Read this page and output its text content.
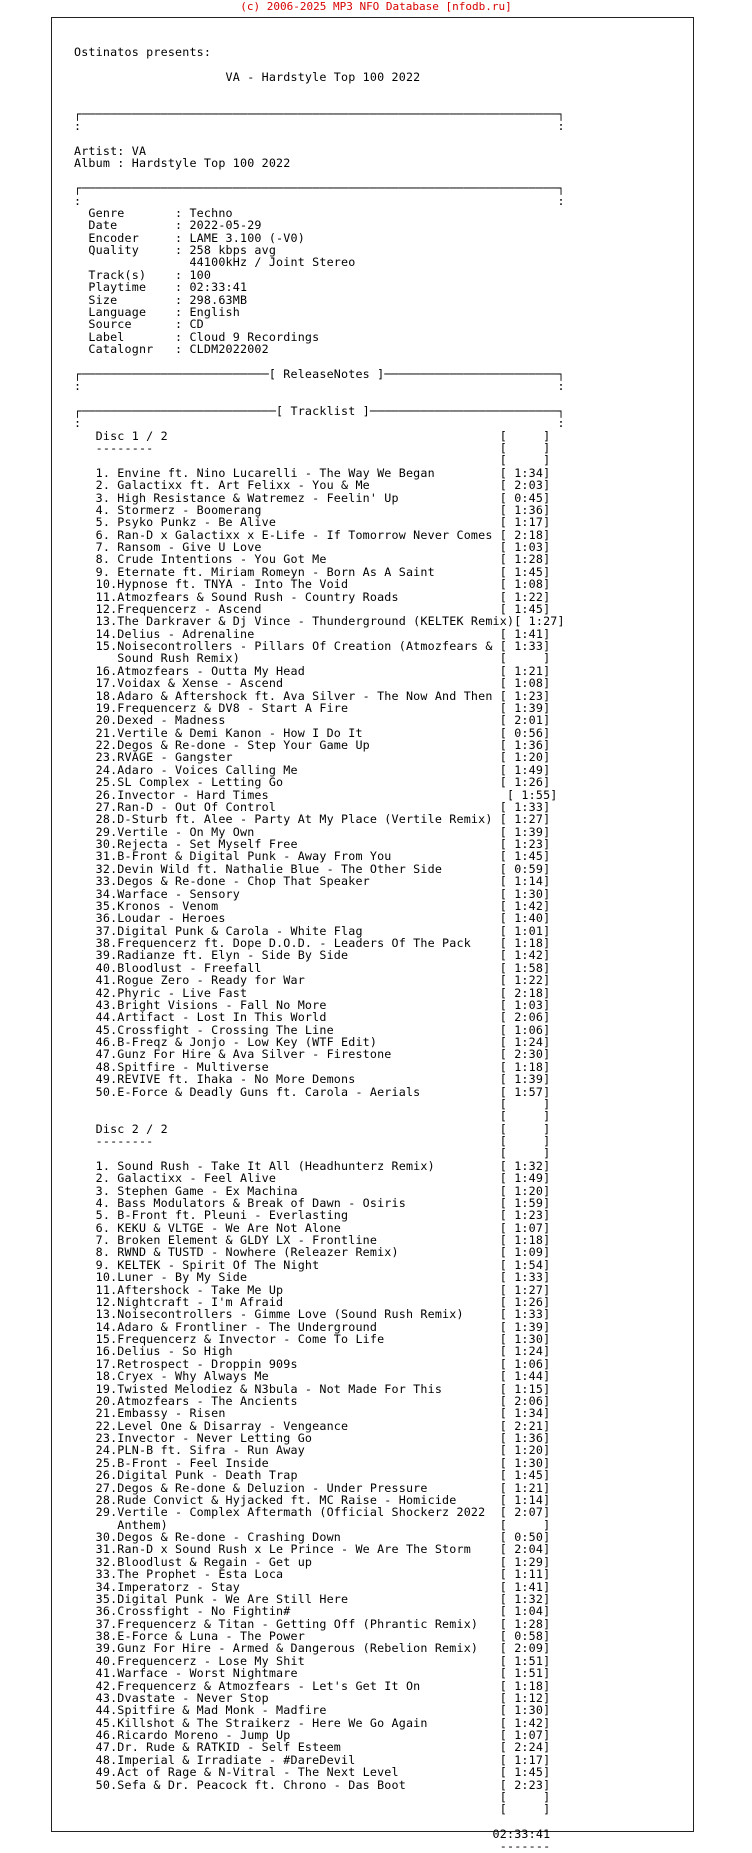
(c) 2006-2025 MP3 NFO Database [nfodb.ru]
Ostinatos presents:

VA - Hardstyle Top 100 2022

┌──────────────────────────────────────────────────────────────────┐
:                                                                  :

Artist: VA
Album : Hardstyle Top 100 2022

┌──────────────────────────────────────────────────────────────────┐
:                                                                  :
Genre       : Techno
Date        : 2022-05-29
Encoder     : LAME 3.100 (-V0)
Quality     : 258 kbps avg
44100kHz / Joint Stereo
Track(s)    : 100
Playtime    : 02:33:41
Size        : 298.63MB
Language    : English
Source      : CD
Label       : Cloud 9 Recordings
Catalognr   : CLDM2022002

┌──────────────────────────[ ReleaseNotes ]────────────────────────┐
:                                                                  :

┌───────────────────────────[ Tracklist ]──────────────────────────┐
:                                                                  :
Disc 1 / 2                                              [     ]
--------                                                [     ]
[     ]
1. Envine ft. Nino Lucarelli - The Way We Began         [ 1:34]
2. Galactixx ft. Art Felixx - You & Me                  [ 2:03]
3. High Resistance & Watremez - Feelin' Up              [ 0:45]
4. Stormerz - Boomerang                                 [ 1:36]
5. Psyko Punkz - Be Alive                               [ 1:17]
6. Ran-D x Galactixx x E-Life - If Tomorrow Never Comes [ 2:18]
7. Ransom - Give U Love                                 [ 1:03]
8. Crude Intentions - You Got Me                        [ 1:28]
9. Eternate ft. Miriam Romeyn - Born As A Saint         [ 1:45]
10.Hypnose ft. TNYA - Into The Void                     [ 1:08]
11.Atmozfears & Sound Rush - Country Roads              [ 1:22]
12.Frequencerz - Ascend                                 [ 1:45]
13.The Darkraver & Dj Vince - Thunderground (KELTEK Remix)[ 1:27]
14.Delius - Adrenaline                                  [ 1:41]
15.Noisecontrollers - Pillars Of Creation (Atmozfears & [ 1:33]
Sound Rush Remix)                                    [     ]
16.Atmozfears - Outta My Head                           [ 1:21]
17.Voidax & Xense - Ascend                              [ 1:08]
18.Adaro & Aftershock ft. Ava Silver - The Now And Then [ 1:23]
19.Frequencerz & DV8 - Start A Fire                     [ 1:39]
20.Dexed - Madness                                      [ 2:01]
21.Vertile & Demi Kanon - How I Do It                   [ 0:56]
22.Degos & Re-done - Step Your Game Up                  [ 1:36]
23.RVAGE - Gangster                                     [ 1:20]
24.Adaro - Voices Calling Me                            [ 1:49]
25.SL Complex - Letting Go                              [ 1:26]
26.Invector - Hard Times                                 [ 1:55]
27.Ran-D - Out Of Control                               [ 1:33]
28.D-Sturb ft. Alee - Party At My Place (Vertile Remix) [ 1:27]
29.Vertile - On My Own                                  [ 1:39]
30.Rejecta - Set Myself Free                            [ 1:23]
31.B-Front & Digital Punk - Away From You               [ 1:45]
32.Devin Wild ft. Nathalie Blue - The Other Side        [ 0:59]
33.Degos & Re-done - Chop That Speaker                  [ 1:14]
34.Warface - Sensory                                    [ 1:30]
35.Kronos - Venom                                       [ 1:42]
36.Loudar - Heroes                                      [ 1:40]
37.Digital Punk & Carola - White Flag                   [ 1:01]
38.Frequencerz ft. Dope D.O.D. - Leaders Of The Pack    [ 1:18]
39.Radianze ft. Elyn - Side By Side                     [ 1:42]
40.Bloodlust - Freefall                                 [ 1:58]
41.Rogue Zero - Ready for War                           [ 1:22]
42.Phyric - Live Fast                                   [ 2:18]
43.Bright Visions - Fall No More                        [ 1:03]
44.Artifact - Lost In This World                        [ 2:06]
45.Crossfight - Crossing The Line                       [ 1:06]
46.B-Freqz & Jonjo - Low Key (WTF Edit)                 [ 1:24]
47.Gunz For Hire & Ava Silver - Firestone               [ 2:30]
48.Spitfire - Multiverse                                [ 1:18]
49.REVIVE ft. Ihaka - No More Demons                    [ 1:39]
50.E-Force & Deadly Guns ft. Carola - Aerials           [ 1:57]
[     ]
[     ]
Disc 2 / 2                                              [     ]
--------                                                [     ]
[     ]
1. Sound Rush - Take It All (Headhunterz Remix)         [ 1:32]
2. Galactixx - Feel Alive                               [ 1:49]
3. Stephen Game - Ex Machina                            [ 1:20]
4. Bass Modulators & Break of Dawn - Osiris             [ 1:59]
5. B-Front ft. Pleuni - Everlasting                     [ 1:23]
6. KEKU & VLTGE - We Are Not Alone                      [ 1:07]
7. Broken Element & GLDY LX - Frontline                 [ 1:18]
8. RWND & TUSTD - Nowhere (Releazer Remix)              [ 1:09]
9. KELTEK - Spirit Of The Night                         [ 1:54]
10.Luner - By My Side                                   [ 1:33]
11.Aftershock - Take Me Up                              [ 1:27]
12.Nightcraft - I'm Afraid                              [ 1:26]
13.Noisecontrollers - Gimme Love (Sound Rush Remix)     [ 1:33]
14.Adaro & Frontliner - The Underground                 [ 1:39]
15.Frequencerz & Invector - Come To Life                [ 1:30]
16.Delius - So High                                     [ 1:24]
17.Retrospect - Droppin 909s                            [ 1:06]
18.Cryex - Why Always Me                                [ 1:44]
19.Twisted Melodiez & N3bula - Not Made For This        [ 1:15]
20.Atmozfears - The Ancients                            [ 2:06]
21.Embassy - Risen                                      [ 1:34]
22.Level One & Disarray - Vengeance                     [ 2:21]
23.Invector - Never Letting Go                          [ 1:36]
24.PLN-B ft. Sifra - Run Away                           [ 1:20]
25.B-Front - Feel Inside                                [ 1:30]
26.Digital Punk - Death Trap                            [ 1:45]
27.Degos & Re-done & Deluzion - Under Pressure          [ 1:21]
28.Rude Convict & Hyjacked ft. MC Raise - Homicide      [ 1:14]
29.Vertile - Complex Aftermath (Official Shockerz 2022  [ 2:07]
Anthem)                                              [     ]
30.Degos & Re-done - Crashing Down                      [ 0:50]
31.Ran-D x Sound Rush x Le Prince - We Are The Storm    [ 2:04]
32.Bloodlust & Regain - Get up                          [ 1:29]
33.The Prophet - Esta Loca                              [ 1:11]
34.Imperatorz - Stay                                    [ 1:41]
35.Digital Punk - We Are Still Here                     [ 1:32]
36.Crossfight - No Fightin#                             [ 1:04]
37.Frequencerz & Titan - Getting Off (Phrantic Remix)   [ 1:28]
38.E-Force & Luna - The Power                           [ 0:58]
39.Gunz For Hire - Armed & Dangerous (Rebelion Remix)   [ 2:09]
40.Frequencerz - Lose My Shit                           [ 1:51]
41.Warface - Worst Nightmare                            [ 1:51]
42.Frequencerz & Atmozfears - Let's Get It On           [ 1:18]
43.Dvastate - Never Stop                                [ 1:12]
44.Spitfire & Mad Monk - Madfire                        [ 1:30]
45.Killshot & The Straikerz - Here We Go Again          [ 1:42]
46.Ricardo Moreno - Jump Up                             [ 1:07]
47.Dr. Rude & RATKID - Self Esteem                      [ 2:24]
48.Imperial & Irradiate - #DareDevil                    [ 1:17]
49.Act of Rage & N-Vitral - The Next Level              [ 1:45]
50.Sefa & Dr. Peacock ft. Chrono - Das Boot             [ 2:23]
[     ]
[     ]

02:33:41
-------
